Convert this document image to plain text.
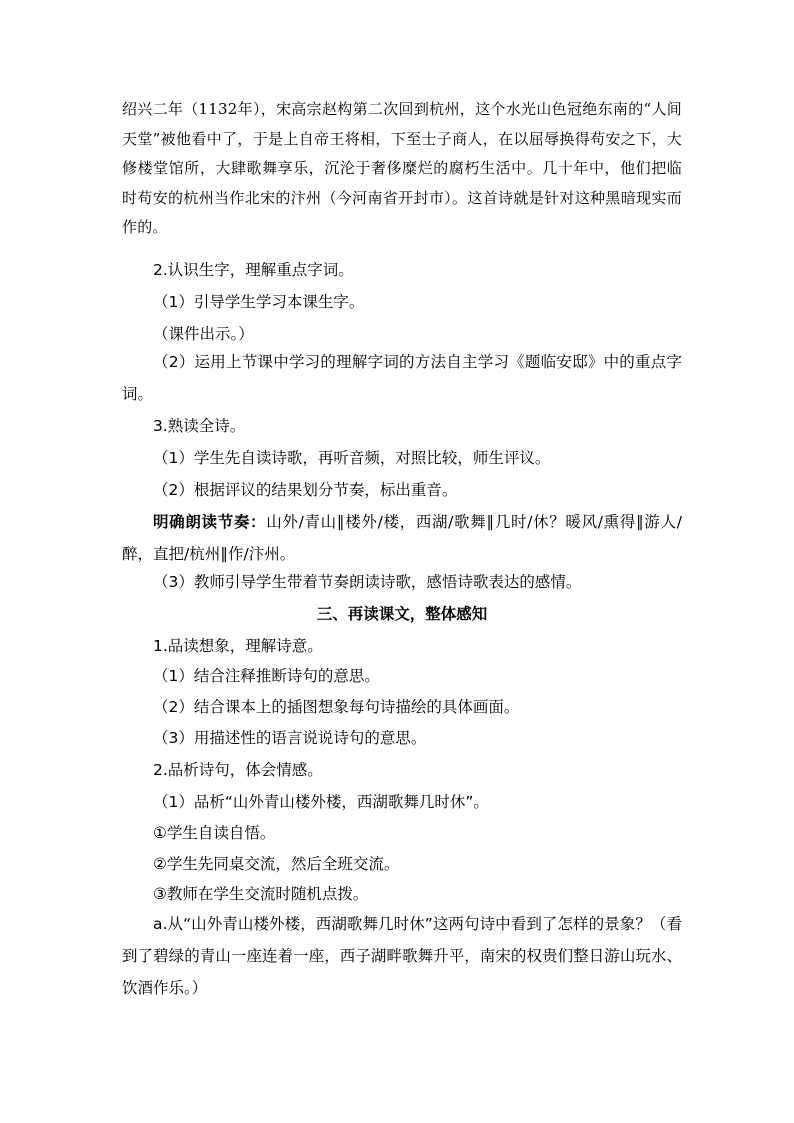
绍兴二年（1132年），宋高宗赵构第二次回到杭州，这个水光山色冠绝东南的“人间天堂”被他看中了，于是上自帝王将相，下至士子商人，在以屈辱换得苟安之下，大修楼堂馆所，大肆歌舞享乐，沉沦于奢侈糜烂的腐朽生活中。几十年中，他们把临时苟安的杭州当作北宋的汴州（今河南省开封市）。这首诗就是针对这种黑暗现实而作的。

2.认识生字，理解重点字词。

（1）引导学生学习本课生字。

（课件出示。）

（2）运用上节课中学习的理解字词的方法自主学习《题临安邸》中的重点字词。

3.熟读全诗。

（1）学生先自读诗歌，再听音频，对照比较，师生评议。

（2）根据评议的结果划分节奏，标出重音。

明确朗读节奏：山外/青山∥楼外/楼，西湖/歌舞∥几时/休？暖风/熏得∥游人/醉，直把/杭州∥作/汴州。

（3）教师引导学生带着节奏朗读诗歌，感悟诗歌表达的感情。

三、再读课文，整体感知

1.品读想象，理解诗意。

（1）结合注释推断诗句的意思。

（2）结合课本上的插图想象每句诗描绘的具体画面。

（3）用描述性的语言说说诗句的意思。

2.品析诗句，体会情感。

（1）品析“山外青山楼外楼，西湖歌舞几时休”。

①学生自读自悟。

②学生先同桌交流，然后全班交流。

③教师在学生交流时随机点拨。

a.从“山外青山楼外楼，西湖歌舞几时休”这两句诗中看到了怎样的景象？（看到了碧绿的青山一座连着一座，西子湖畔歌舞升平，南宋的权贵们整日游山玩水、饮酒作乐。）
